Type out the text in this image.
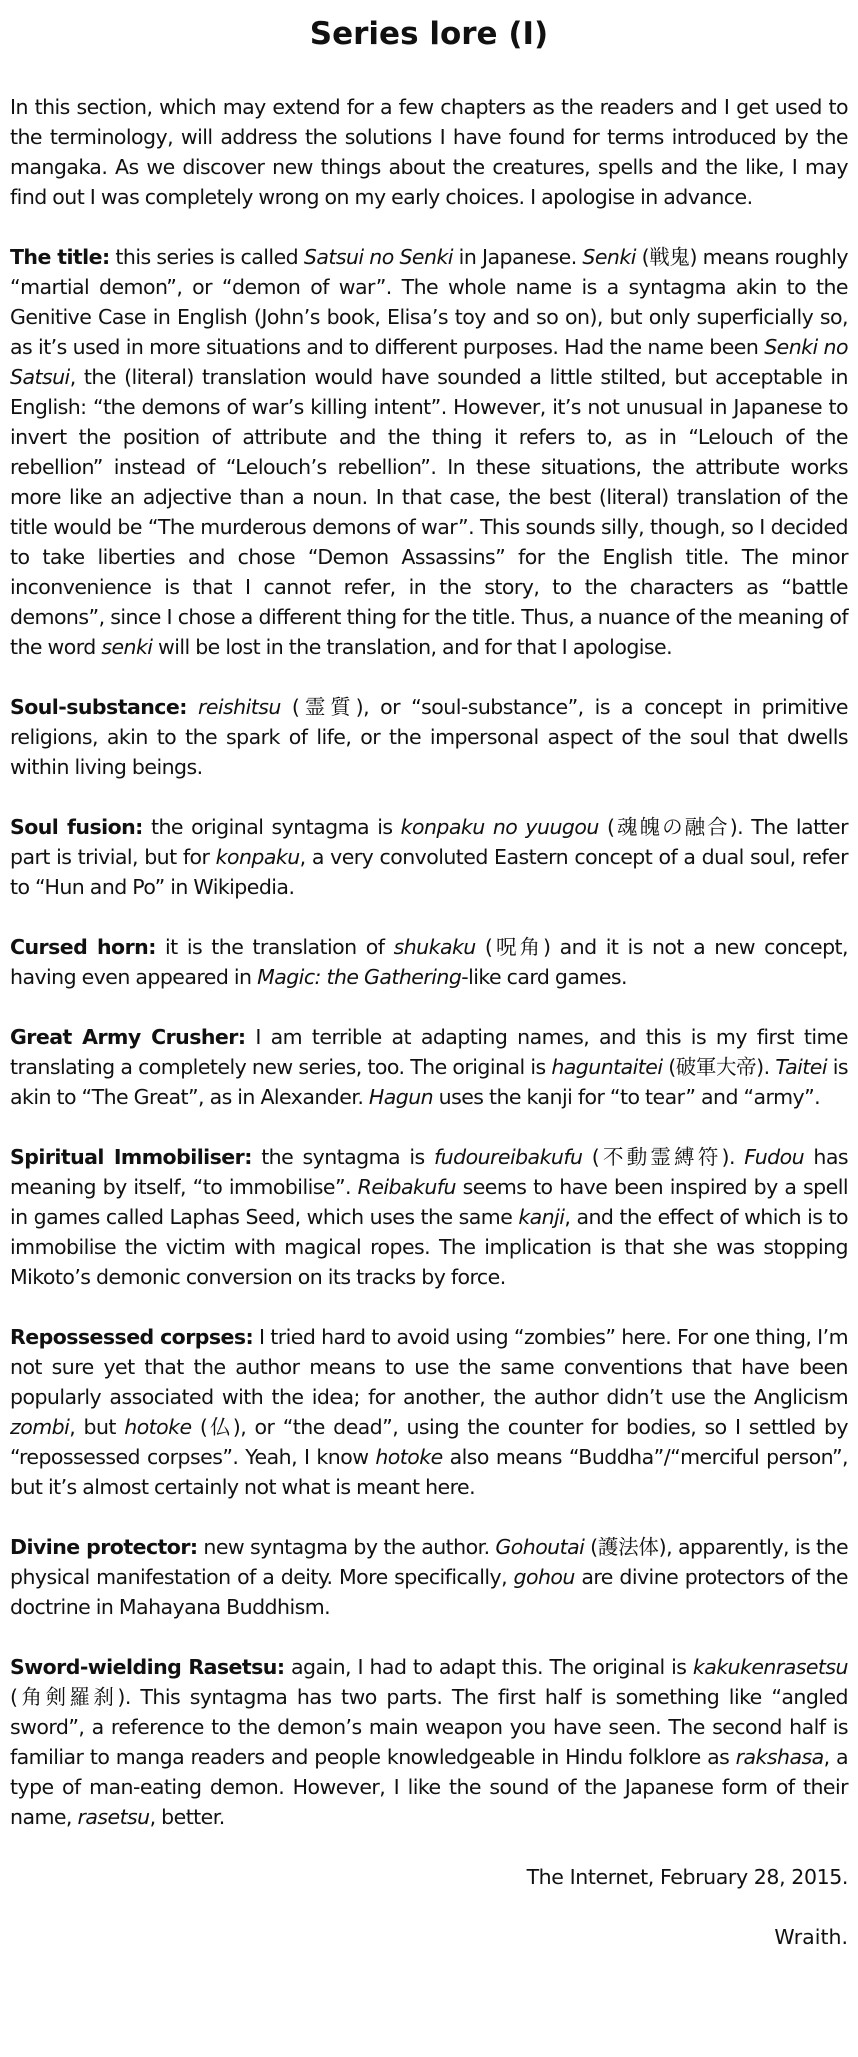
Series lore (I)

In this section, which may extend for a few chapters as the readers and I get used to the terminology, will address the solutions I have found for terms introduced by the mangaka. As we discover new things about the creatures, spells and the like, I may find out I was completely wrong on my early choices. I apologise in advance.

The title: this series is called Satsui no Senki in Japanese. Senki (戦鬼) means roughly “martial demon”, or “demon of war”. The whole name is a syntagma akin to the Genitive Case in English (John’s book, Elisa’s toy and so on), but only superficially so, as it’s used in more situations and to different purposes. Had the name been Senki no Satsui, the (literal) translation would have sounded a little stilted, but acceptable in English: “the demons of war’s killing intent”. However, it’s not unusual in Japanese to invert the position of attribute and the thing it refers to, as in “Lelouch of the rebellion” instead of “Lelouch’s rebellion”. In these situations, the attribute works more like an adjective than a noun. In that case, the best (literal) translation of the title would be “The murderous demons of war”. This sounds silly, though, so I decided to take liberties and chose “Demon Assassins” for the English title. The minor inconvenience is that I cannot refer, in the story, to the characters as “battle demons”, since I chose a different thing for the title. Thus, a nuance of the meaning of the word senki will be lost in the translation, and for that I apologise.

Soul-substance: reishitsu (霊質), or “soul-substance”, is a concept in primitive religions, akin to the spark of life, or the impersonal aspect of the soul that dwells within living beings.

Soul fusion: the original syntagma is konpaku no yuugou (魂魄の融合). The latter part is trivial, but for konpaku, a very convoluted Eastern concept of a dual soul, refer to “Hun and Po” in Wikipedia.

Cursed horn: it is the translation of shukaku (呪角) and it is not a new concept, having even appeared in Magic: the Gathering-like card games.

Great Army Crusher: I am terrible at adapting names, and this is my first time translating a completely new series, too. The original is haguntaitei (破軍大帝). Taitei is akin to “The Great”, as in Alexander. Hagun uses the kanji for “to tear” and “army”.

Spiritual Immobiliser: the syntagma is fudoureibakufu (不動霊縛符). Fudou has meaning by itself, “to immobilise”. Reibakufu seems to have been inspired by a spell in games called Laphas Seed, which uses the same kanji, and the effect of which is to immobilise the victim with magical ropes. The implication is that she was stopping Mikoto’s demonic conversion on its tracks by force.

Repossessed corpses: I tried hard to avoid using “zombies” here. For one thing, I’m not sure yet that the author means to use the same conventions that have been popularly associated with the idea; for another, the author didn’t use the Anglicism zombi, but hotoke (仏), or “the dead”, using the counter for bodies, so I settled by “repossessed corpses”. Yeah, I know hotoke also means “Buddha”/“merciful person”, but it’s almost certainly not what is meant here.

Divine protector: new syntagma by the author. Gohoutai (護法体), apparently, is the physical manifestation of a deity. More specifically, gohou are divine protectors of the doctrine in Mahayana Buddhism.

Sword-wielding Rasetsu: again, I had to adapt this. The original is kakukenrasetsu (角剣羅刹). This syntagma has two parts. The first half is something like “angled sword”, a reference to the demon’s main weapon you have seen. The second half is familiar to manga readers and people knowledgeable in Hindu folklore as rakshasa, a type of man-eating demon. However, I like the sound of the Japanese form of their name, rasetsu, better.

The Internet, February 28, 2015.

Wraith.
